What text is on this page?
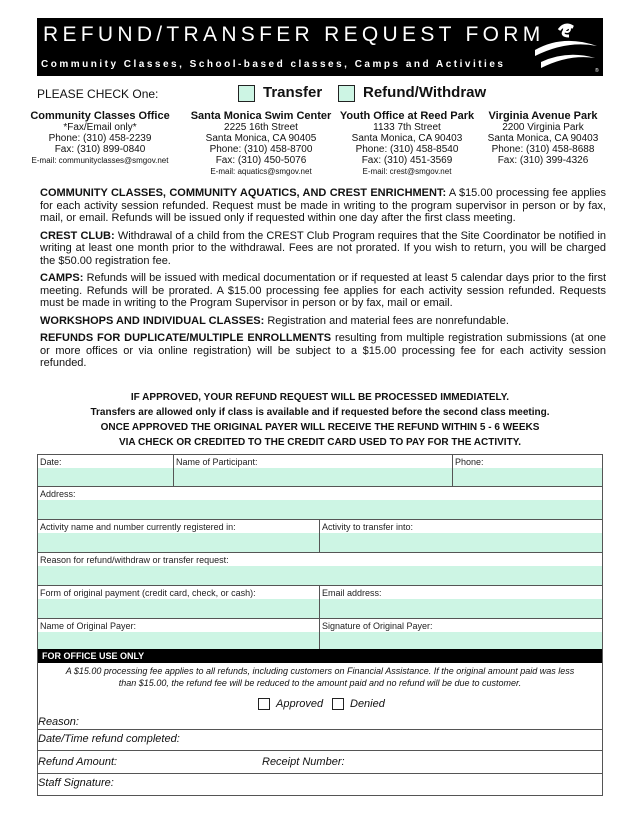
REFUND/TRANSFER REQUEST FORM
Community Classes, School-based classes, Camps and Activities
®
PLEASE CHECK One:	Transfer	Refund/Withdraw
Community Classes Office
*Fax/Email only*
Phone: (310) 458-2239
Fax: (310) 899-0840
E-mail: communityclasses@smgov.net
Santa Monica Swim Center
2225 16th Street
Santa Monica, CA 90405
Phone: (310) 458-8700
Fax: (310) 450-5076
E-mail: aquatics@smgov.net
Youth Office at Reed Park
1133 7th Street
Santa Monica, CA 90403
Phone: (310) 458-8540
Fax: (310) 451-3569
E-mail: crest@smgov.net
Virginia Avenue Park
2200 Virginia Park
Santa Monica, CA 90403
Phone: (310) 458-8688
Fax: (310) 399-4326

COMMUNITY CLASSES, COMMUNITY AQUATICS, AND CREST ENRICHMENT: A $15.00 processing fee applies for each activity session refunded. Request must be made in writing to the program supervisor in person or by fax, mail, or email. Refunds will be issued only if requested within one day after the first class meeting.

CREST CLUB: Withdrawal of a child from the CREST Club Program requires that the Site Coordinator be notified in writing at least one month prior to the withdrawal. Fees are not prorated. If you wish to return, you will be charged the $50.00 registration fee.

CAMPS: Refunds will be issued with medical documentation or if requested at least 5 calendar days prior to the first meeting. Refunds will be prorated. A $15.00 processing fee applies for each activity session refunded. Requests must be made in writing to the Program Supervisor in person or by fax, mail or email.

WORKSHOPS AND INDIVIDUAL CLASSES: Registration and material fees are nonrefundable.

REFUNDS FOR DUPLICATE/MULTIPLE ENROLLMENTS resulting from multiple registration submissions (at one or more offices or via online registration) will be subject to a $15.00 processing fee for each activity session refunded.

IF APPROVED, YOUR REFUND REQUEST WILL BE PROCESSED IMMEDIATELY.
Transfers are allowed only if class is available and if requested before the second class meeting.
ONCE APPROVED THE ORIGINAL PAYER WILL RECEIVE THE REFUND WITHIN 5 - 6 WEEKS
VIA CHECK OR CREDITED TO THE CREDIT CARD USED TO PAY FOR THE ACTIVITY.
Date:	Name of Participant:	Phone:
Address:
Activity name and number currently registered in:	Activity to transfer into:
Reason for refund/withdraw or transfer request:
Form of original payment (credit card, check, or cash):	Email address:
Name of Original Payer:	Signature of Original Payer:
FOR OFFICE USE ONLY
A $15.00 processing fee applies to all refunds, including customers on Financial Assistance. If the original amount paid was less than $15.00, the refund fee will be reduced to the amount paid and no refund will be due to customer.
Approved Denied
Reason:
Date/Time refund completed:
Refund Amount:	Receipt Number:
Staff Signature:
